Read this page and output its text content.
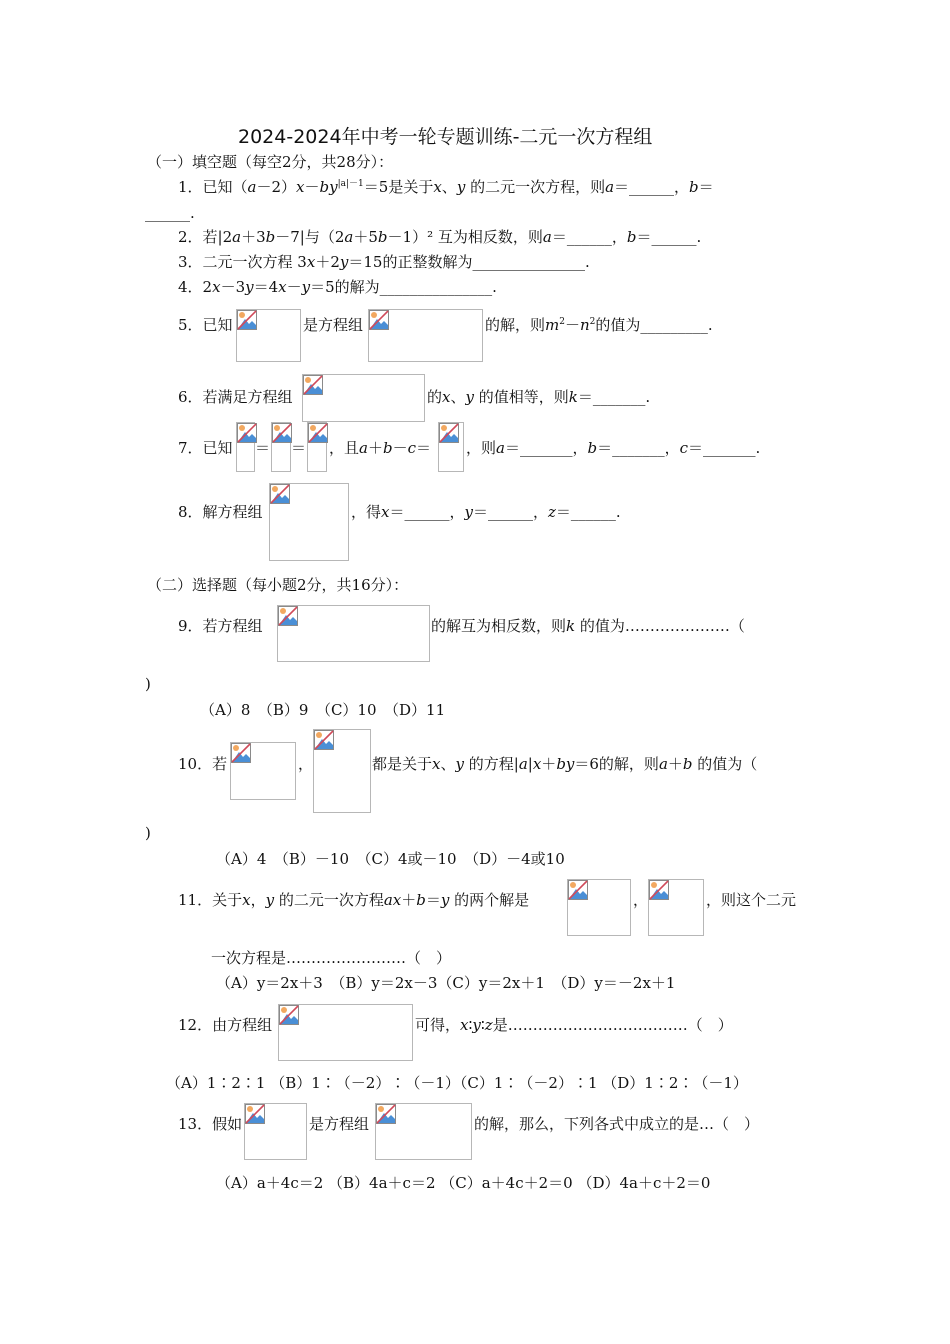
2024-2024年中考一轮专题训练-二元一次方程组
（一）填空题（每空2分，共28分）：
1．已知$(a-2)x-by^{|a|-1}=5$是关于x、y 的二元一次方程，则a＝______，b＝
______.
2．若|2a＋3b－7|与（2a＋5b－1）² 互为相反数，则a＝______，b＝______.
3．二元一次方程 3x＋2y＝15的正整数解为_______________.
4．2x－3y＝4x－y＝5的解为_______________.
5．已知	是方程组	的解，则$m^2-n^2$的值为_________.
6．若满足方程组	的x、y 的值相等，则k＝_______.
7．已知 ＝ ＝ ，且a＋b－c＝ ，则a＝_______，b＝_______，c＝_______.
8．解方程组	，得x＝______，y＝______，z＝______.
（二）选择题（每小题2分，共16分）：
9．若方程组	的解互为相反数，则k 的值为…………………（
)
（A）8　（B）9　（C）10　（D）11
10．若	，	都是关于x、y 的方程|a|x＋by＝6的解，则a＋b 的值为（
)
（A）4　（B）－10　（C）4或－10　（D）－4或10
11．关于x，y 的二元一次方程ax＋b＝y 的两个解是	，	，则这个二元
一次方程是……………………（　）
（A）y＝2x＋3　（B）y＝2x－3（C）y＝2x＋1　（D）y＝－2x＋1
12．由方程组	可得，x∶y∶z是………………………………（　）
（A）1∶2∶1 （B）1∶（－2）∶（－1）（C）1∶（－2）∶1 （D）1∶2∶（－1）
13．假如	是方程组	的解，那么，下列各式中成立的是…（　）
（A）a＋4c＝2 （B）4a＋c＝2 （C）a＋4c＋2＝0 （D）4a＋c＋2＝0
